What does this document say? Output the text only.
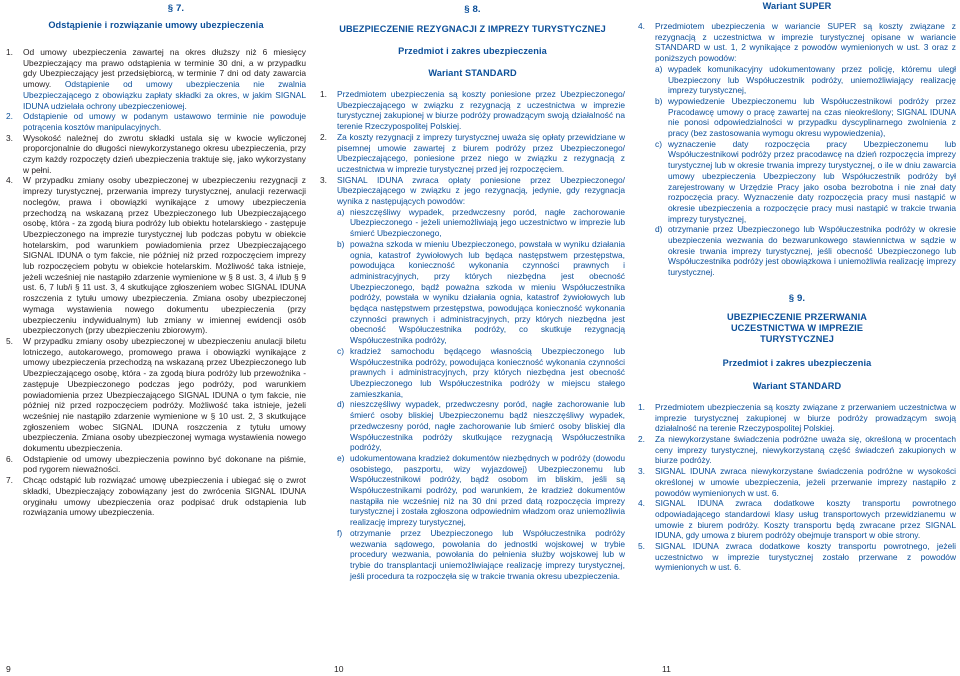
§ 7.
Odstąpienie i rozwiązanie umowy ubezpieczenia
1. Od umowy ubezpieczenia zawartej na okres dłuższy niż 6 miesięcy Ubezpieczający ma prawo odstąpienia w terminie 30 dni, a w przypadku gdy Ubezpieczający jest przedsiębiorcą, w terminie 7 dni od daty zawarcia umowy. Odstąpienie od umowy ubezpieczenia nie zwalnia Ubezpieczającego z obowiązku zapłaty składki za okres, w jakim SIGNAL IDUNA udzielała ochrony ubezpieczeniowej.
2. Odstąpienie od umowy w podanym ustawowo terminie nie powoduje potrącenia kosztów manipulacyjnych.
3. Wysokość należnej do zwrotu składki ustala się w kwocie wyliczonej proporcjonalnie do długości niewykorzystanego okresu ubezpieczenia, przy czym każdy rozpoczęty dzień ubezpieczenia traktuje się, jako wykorzystany w pełni.
4. W przypadku zmiany osoby ubezpieczonej w ubezpieczeniu rezygnacji z imprezy turystycznej, przerwania imprezy turystycznej, anulacji rezerwacji noclegów, prawa i obowiązki wynikające z umowy ubezpieczenia przechodzą na wskazaną przez Ubezpieczonego lub Ubezpieczającego osobę, która - za zgodą biura podróży lub obiektu hotelarskiego - zastępuje Ubezpieczonego na imprezie turystycznej lub podczas pobytu w obiekcie hotelarskim, pod warunkiem powiadomienia przez Ubezpieczającego SIGNAL IDUNA o tym fakcie, nie później niż przed rozpoczęciem imprezy lub rozpoczęciem pobytu w obiekcie hotelarskim. Możliwość taka istnieje, jeżeli wcześniej nie nastąpiło zdarzenie wymienione w § 8 ust. 3, 4 i/lub § 9 ust. 6, 7 lub/i § 11 ust. 3, 4 skutkujące zgłoszeniem wobec SIGNAL IDUNA roszczenia z tytułu umowy ubezpieczenia. Zmiana osoby ubezpieczonej wymaga wystawienia nowego dokumentu ubezpieczenia (przy ubezpieczeniu indywidualnym) lub zmiany w imiennej ewidencji osób ubezpieczonych (przy ubezpieczeniu zbiorowym).
5. W przypadku zmiany osoby ubezpieczonej w ubezpieczeniu anulacji biletu lotniczego, autokarowego, promowego prawa i obowiązki wynikające z umowy ubezpieczenia przechodzą na wskazaną przez Ubezpieczonego lub Ubezpieczającego osobę, która - za zgodą biura podróży lub przewoźnika - zastępuje Ubezpieczonego podczas jego podróży, pod warunkiem powiadomienia przez Ubezpieczającego SIGNAL IDUNA o tym fakcie, nie później niż przed rozpoczęciem podróży. Możliwość taka istnieje, jeżeli wcześniej nie nastąpiło zdarzenie wymienione w § 10 ust. 2, 3 skutkujące zgłoszeniem wobec SIGNAL IDUNA roszczenia z tytułu umowy ubezpieczenia. Zmiana osoby ubezpieczonej wymaga wystawienia nowego dokumentu ubezpieczenia.
6. Odstąpienie od umowy ubezpieczenia powinno być dokonane na piśmie, pod rygorem nieważności.
7. Chcąc odstąpić lub rozwiązać umowę ubezpieczenia i ubiegać się o zwrot składki, Ubezpieczający zobowiązany jest do zwrócenia SIGNAL IDUNA oryginału umowy ubezpieczenia oraz podpisać druk odstąpienia lub rozwiązania umowy ubezpieczenia.
§ 8.
UBEZPIECZENIE REZYGNACJI Z IMPREZY TURYSTYCZNEJ
Przedmiot i zakres ubezpieczenia
Wariant STANDARD
1. Przedmiotem ubezpieczenia są koszty poniesione przez Ubezpieczonego/ Ubezpieczającego w związku z rezygnacją z uczestnictwa w imprezie turystycznej zakupionej w biurze podróży prowadzącym swoją działalność na terenie Rzeczypospolitej Polskiej.
2. Za koszty rezygnacji z imprezy turystycznej uważa się opłaty przewidziane w pisemnej umowie zawartej z biurem podróży przez Ubezpieczonego/ Ubezpieczającego, poniesione przez niego w związku z rezygnacją z uczestnictwa w imprezie turystycznej przed jej rozpoczęciem.
3. SIGNAL IDUNA zwraca opłaty poniesione przez Ubezpieczonego/ Ubezpieczającego w związku z jego rezygnacją, jedynie, gdy rezygnacja wynika z następujących powodów:
a) nieszczęśliwy wypadek, przedwczesny poród, nagłe zachorowanie Ubezpieczonego - jeżeli uniemożliwiają jego uczestnictwo w imprezie lub śmierć Ubezpieczonego,
b) poważna szkoda w mieniu Ubezpieczonego, powstała w wyniku działania ognia, katastrof żywiołowych lub będąca następstwem przestępstwa, powodująca konieczność wykonania czynności prawnych i administracyjnych, przy których niezbędna jest obecność Ubezpieczonego, bądź poważna szkoda w mieniu Współuczestnika podróży, powstała w wyniku działania ognia, katastrof żywiołowych lub będąca następstwem przestępstwa, powodująca konieczność wykonania czynności prawnych i administracyjnych, przy których niezbędna jest obecność Współuczestnika podróży, co skutkuje rezygnacją Współuczestnika podróży,
c) kradzież samochodu będącego własnością Ubezpieczonego lub Współuczestnika podróży, powodująca konieczność wykonania czynności prawnych i administracyjnych, przy których niezbędna jest obecność Ubezpieczonego lub Współuczestnika podróży w miejscu stałego zamieszkania,
d) nieszczęśliwy wypadek, przedwczesny poród, nagłe zachorowanie lub śmierć osoby bliskiej Ubezpieczonemu bądź nieszczęśliwy wypadek, przedwczesny poród, nagłe zachorowanie lub śmierć osoby bliskiej dla Współuczestnika podróży skutkujące rezygnacją Współuczestnika podróży,
e) udokumentowana kradzież dokumentów niezbędnych w podróży (dowodu osobistego, paszportu, wizy wyjazdowej) Ubezpieczonemu lub Współuczestnikowi podróży, bądź osobom im bliskim, jeśli są Współuczestnikami podróży, pod warunkiem, że kradzież dokumentów nastąpiła nie wcześniej niż na 30 dni przed datą rozpoczęcia imprezy turystycznej i została zgłoszona odpowiednim władzom oraz uniemożliwia realizację imprezy turystycznej,
f) otrzymanie przez Ubezpieczonego lub Współuczestnika podróży wezwania sądowego, powołania do jednostki wojskowej w trybie procedury wezwania, powołania do pełnienia służby wojskowej lub w trybie do transplantacji uniemożliwiające realizację imprezy turystycznej, jeśli procedura ta rozpoczęła się w trakcie trwania okresu ubezpieczenia.
Wariant SUPER
4. Przedmiotem ubezpieczenia w wariancie SUPER są koszty związane z rezygnacją z uczestnictwa w imprezie turystycznej opisane w wariancie STANDARD w ust. 1, 2 wynikające z powodów wymienionych w ust. 3 oraz z poniższych powodów:
a) wypadek komunikacyjny udokumentowany przez policję, któremu uległ Ubezpieczony lub Współuczestnik podróży, uniemożliwiający realizację imprezy turystycznej,
b) wypowiedzenie Ubezpieczonemu lub Współuczestnikowi podróży przez Pracodawcę umowy o pracę zawartej na czas nieokreślony; SIGNAL IDUNA nie ponosi odpowiedzialności w przypadku dyscyplinarnego zwolnienia z pracy (bez zastosowania wymogu okresu wypowiedzenia),
c) wyznaczenie daty rozpoczęcia pracy Ubezpieczonemu lub Współuczestnikowi podróży przez pracodawcę na dzień rozpoczęcia imprezy turystycznej lub w okresie trwania imprezy turystycznej, o ile w dniu zawarcia umowy ubezpieczenia Ubezpieczony lub Współuczestnik podróży był zarejestrowany w Urzędzie Pracy jako osoba bezrobotna i nie znał daty rozpoczęcia pracy. Wyznaczenie daty rozpoczęcia pracy musi nastąpić w okresie ubezpieczenia a rozpoczęcie pracy musi nastąpić w trakcie trwania imprezy turystycznej,
d) otrzymanie przez Ubezpieczonego lub Współuczestnika podróży w okresie ubezpieczenia wezwania do bezwarunkowego stawiennictwa w sądzie w okresie trwania imprezy turystycznej, jeśli obecność Ubezpieczonego lub Współuczestnika podróży jest obowiązkowa i uniemożliwia realizację imprezy turystycznej.
§ 9.
UBEZPIECZENIE PRZERWANIA UCZESTNICTWA W IMPREZIE TURYSTYCZNEJ
Przedmiot i zakres ubezpieczenia
Wariant STANDARD
1. Przedmiotem ubezpieczenia są koszty związane z przerwaniem uczestnictwa w imprezie turystycznej zakupionej w biurze podróży prowadzącym swoją działalność na terenie Rzeczypospolitej Polskiej.
2. Za niewykorzystane świadczenia podróżne uważa się, określoną w procentach ceny imprezy turystycznej, niewykorzystaną część świadczeń zakupionych w biurze podróży.
3. SIGNAL IDUNA zwraca niewykorzystane świadczenia podróżne w wysokości określonej w umowie ubezpieczenia, jeżeli przerwanie imprezy nastąpiło z powodów wymienionych w ust. 6.
4. SIGNAL IDUNA zwraca dodatkowe koszty transportu powrotnego odpowiadającego standardowi klasy usług transportowych przewidzianemu w umowie z biurem podróży. Koszty transportu będą zwracane przez SIGNAL IDUNA, gdy umowa z biurem podróży obejmuje transport w obie strony.
5. SIGNAL IDUNA zwraca dodatkowe koszty transportu powrotnego, jeżeli uczestnictwo w imprezie turystycznej zostało przerwane z powodów wymienionych w ust. 6.
9	10	11
